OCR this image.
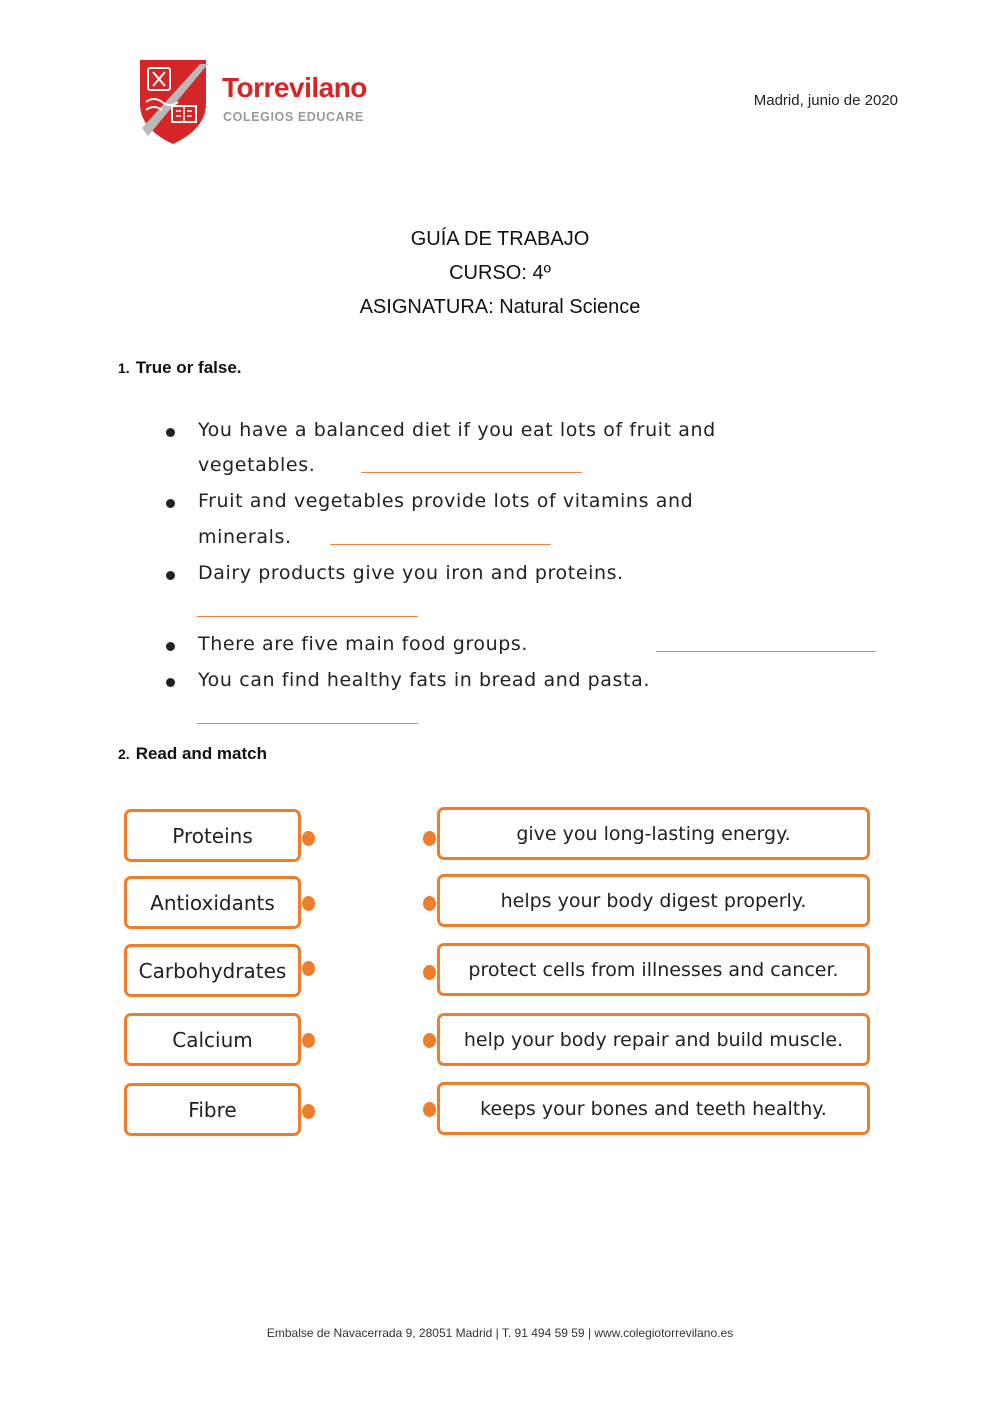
Torrevilano
COLEGIOS EDUCARE
Madrid, junio de 2020
GUÍA DE TRABAJO
CURSO: 4º
ASIGNATURA: Natural Science
1. True or false.
You have a balanced diet if you eat lots of fruit and
vegetables.
Fruit and vegetables provide lots of vitamins and
minerals.
Dairy products give you iron and proteins.
There are five main food groups.
You can find healthy fats in bread and pasta.
2. Read and match
Proteins	give you long-lasting energy.
Antioxidants	helps your body digest properly.
Carbohydrates	protect cells from illnesses and cancer.
Calcium	help your body repair and build muscle.
Fibre	keeps your bones and teeth healthy.
Embalse de Navacerrada 9, 28051 Madrid | T. 91 494 59 59 | www.colegiotorrevilano.es
